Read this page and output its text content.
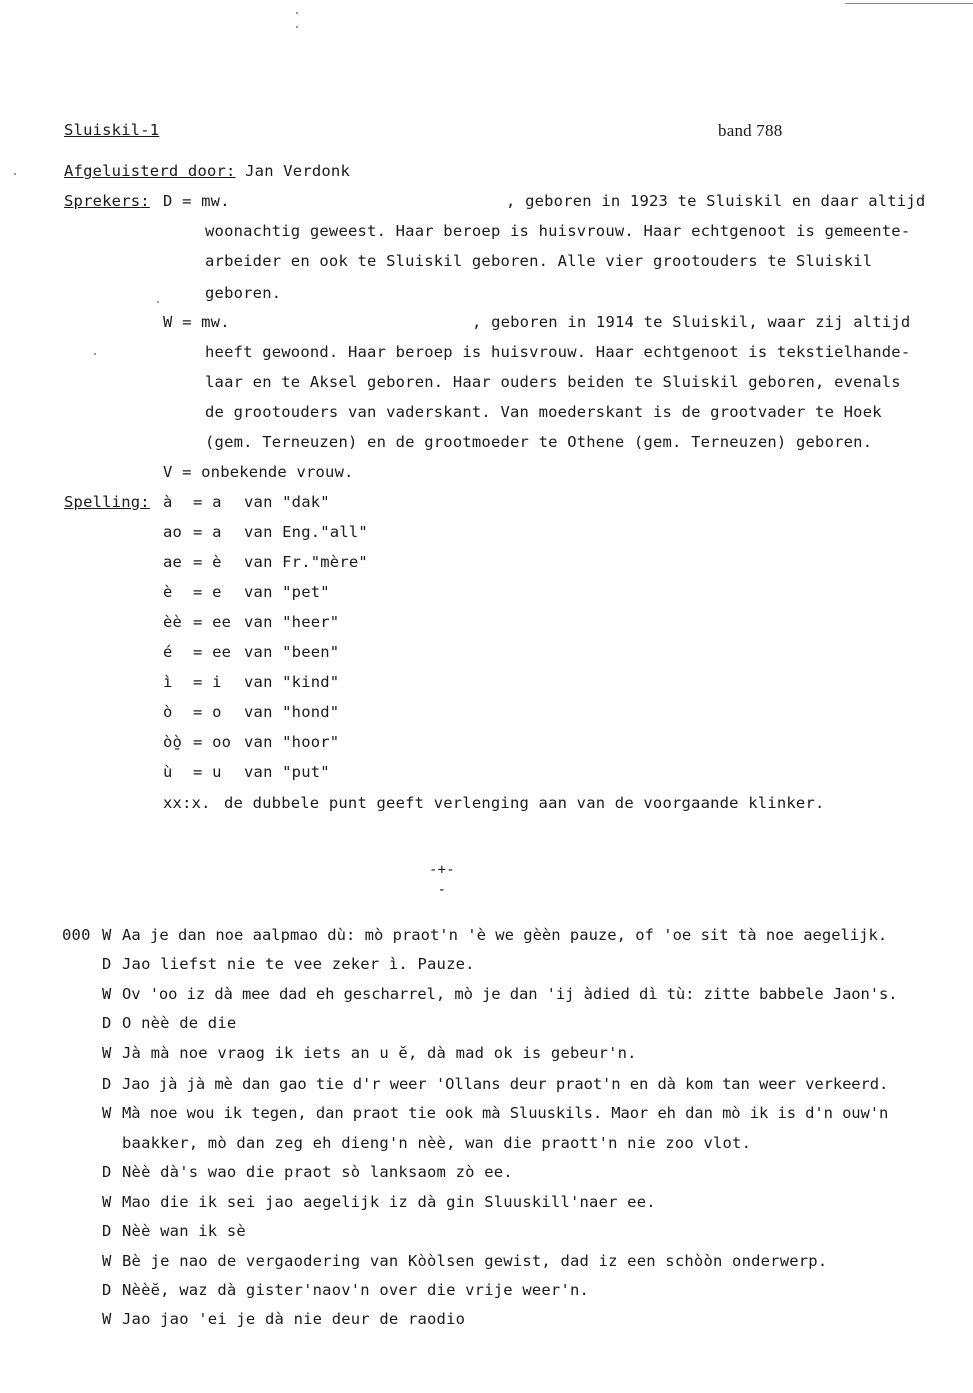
Sluiskil-1	band 788
Afgeluisterd door: Jan Verdonk
Sprekers: D = mw.	, geboren in 1923 te Sluiskil en daar altijd
woonachtig geweest. Haar beroep is huisvrouw. Haar echtgenoot is gemeente-
arbeider en ook te Sluiskil geboren. Alle vier grootouders te Sluiskil
geboren.
W = mw.	, geboren in 1914 te Sluiskil, waar zij altijd
heeft gewoond. Haar beroep is huisvrouw. Haar echtgenoot is tekstielhande-
laar en te Aksel geboren. Haar ouders beiden te Sluiskil geboren, evenals
de grootouders van vaderskant. Van moederskant is de grootvader te Hoek
(gem. Terneuzen) en de grootmoeder te Othene (gem. Terneuzen) geboren.
V = onbekende vrouw.
Spelling: à = a van "dak"
ao = a van Eng."all"
ae = è van Fr."mère"
è = e van "pet"
èè = ee van "heer"
é = ee van "been"
ì = i van "kind"
ò = o van "hond"
òò̱ = oo van "hoor"
ù = u van "put"
xx:x. de dubbele punt geeft verlenging aan van de voorgaande klinker.
-+-
-
000 W Aa je dan noe aalpmao dù: mò praot'n 'è we gèèn pauze, of 'oe sit tà noe aegelijk.
D Jao liefst nie te vee zeker ì. Pauze.
W Ov 'oo iz dà mee dad eh gescharrel, mò je dan 'ij àdied dì tù: zitte babbele Jaon's.
D O nèè de die
W Jà mà noe vraog ik iets an u ĕ, dà mad ok is gebeur'n.
D Jao jà jà mè dan gao tie d'r weer 'Ollans deur praot'n en dà kom tan weer verkeerd.
W Mà noe wou ik tegen, dan praot tie ook mà Sluuskils. Maor eh dan mò ik is d'n ouw'n
baakker, mò dan zeg eh dieng'n nèè, wan die praott'n nie zoo vlot.
D Nèè dà's wao die praot sò lanksaom zò ee.
W Mao die ik sei jao aegelijk iz dà gin Sluuskill'naer ee.
D Nèè wan ik sè
W Bè je nao de vergaodering van Kòòlsen gewist, dad iz een schòòn onderwerp.
D Nèèĕ, waz dà gister'naov'n over die vrije weer'n.
W Jao jao 'ei je dà nie deur de raodio
